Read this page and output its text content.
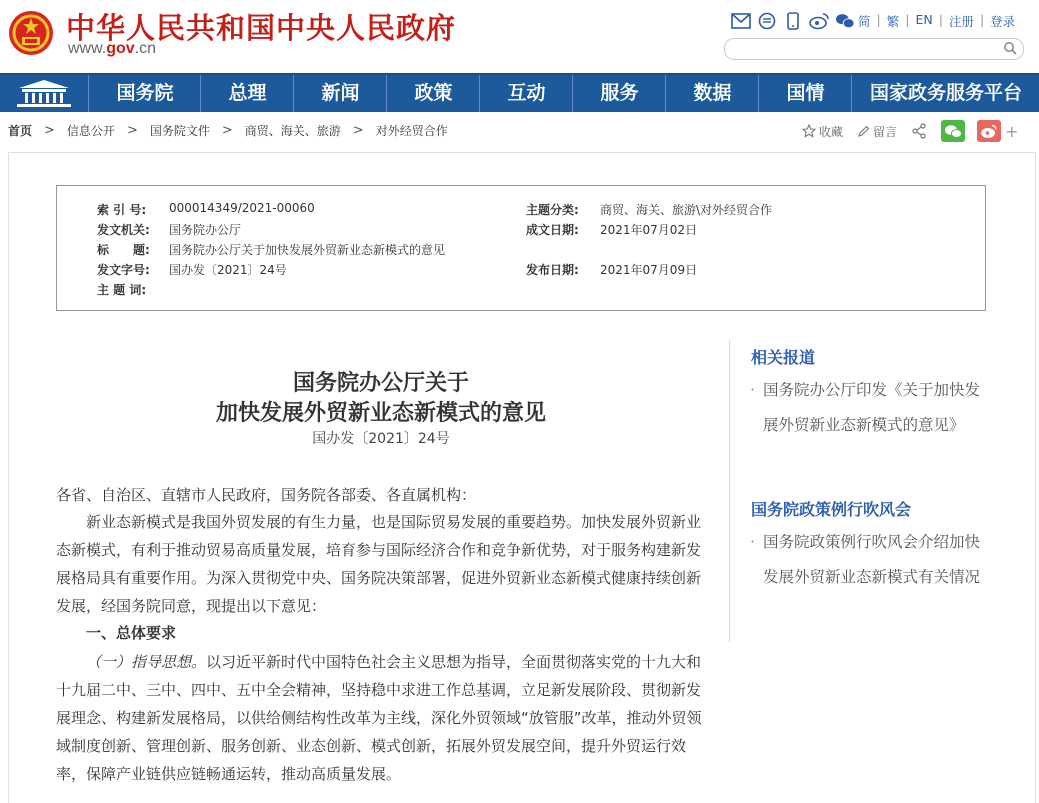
中华人民共和国中央人民政府
www.gov.cn
简 | 繁 | EN | 注册 | 登录
国务院	总理	新闻	政策	互动	服务	数据	国情	国家政务服务平台
首页 > 信息公开 > 国务院文件 > 商贸、海关、旅游 > 对外经贸合作	收藏	留言	+
索 引 号: 000014349/2021-00060	主题分类: 商贸、海关、旅游\对外经贸合作
发文机关: 国务院办公厅	成文日期: 2021年07月02日
标　　题: 国务院办公厅关于加快发展外贸新业态新模式的意见
发文字号: 国办发〔2021〕24号	发布日期: 2021年07月09日
主 题 词:
国务院办公厅关于
加快发展外贸新业态新模式的意见
国办发〔2021〕24号
各省、自治区、直辖市人民政府，国务院各部委、各直属机构：
新业态新模式是我国外贸发展的有生力量，也是国际贸易发展的重要趋势。加快发展外贸新业态新模式，有利于推动贸易高质量发展，培育参与国际经济合作和竞争新优势，对于服务构建新发展格局具有重要作用。为深入贯彻党中央、国务院决策部署，促进外贸新业态新模式健康持续创新发展，经国务院同意，现提出以下意见：
一、总体要求
（一）指导思想。以习近平新时代中国特色社会主义思想为指导，全面贯彻落实党的十九大和十九届二中、三中、四中、五中全会精神，坚持稳中求进工作总基调，立足新发展阶段、贯彻新发展理念、构建新发展格局，以供给侧结构性改革为主线，深化外贸领域“放管服”改革，推动外贸领域制度创新、管理创新、服务创新、业态创新、模式创新，拓展外贸发展空间，提升外贸运行效率，保障产业链供应链畅通运转，推动高质量发展。
相关报道
· 国务院办公厅印发《关于加快发展外贸新业态新模式的意见》
国务院政策例行吹风会
· 国务院政策例行吹风会介绍加快发展外贸新业态新模式有关情况
